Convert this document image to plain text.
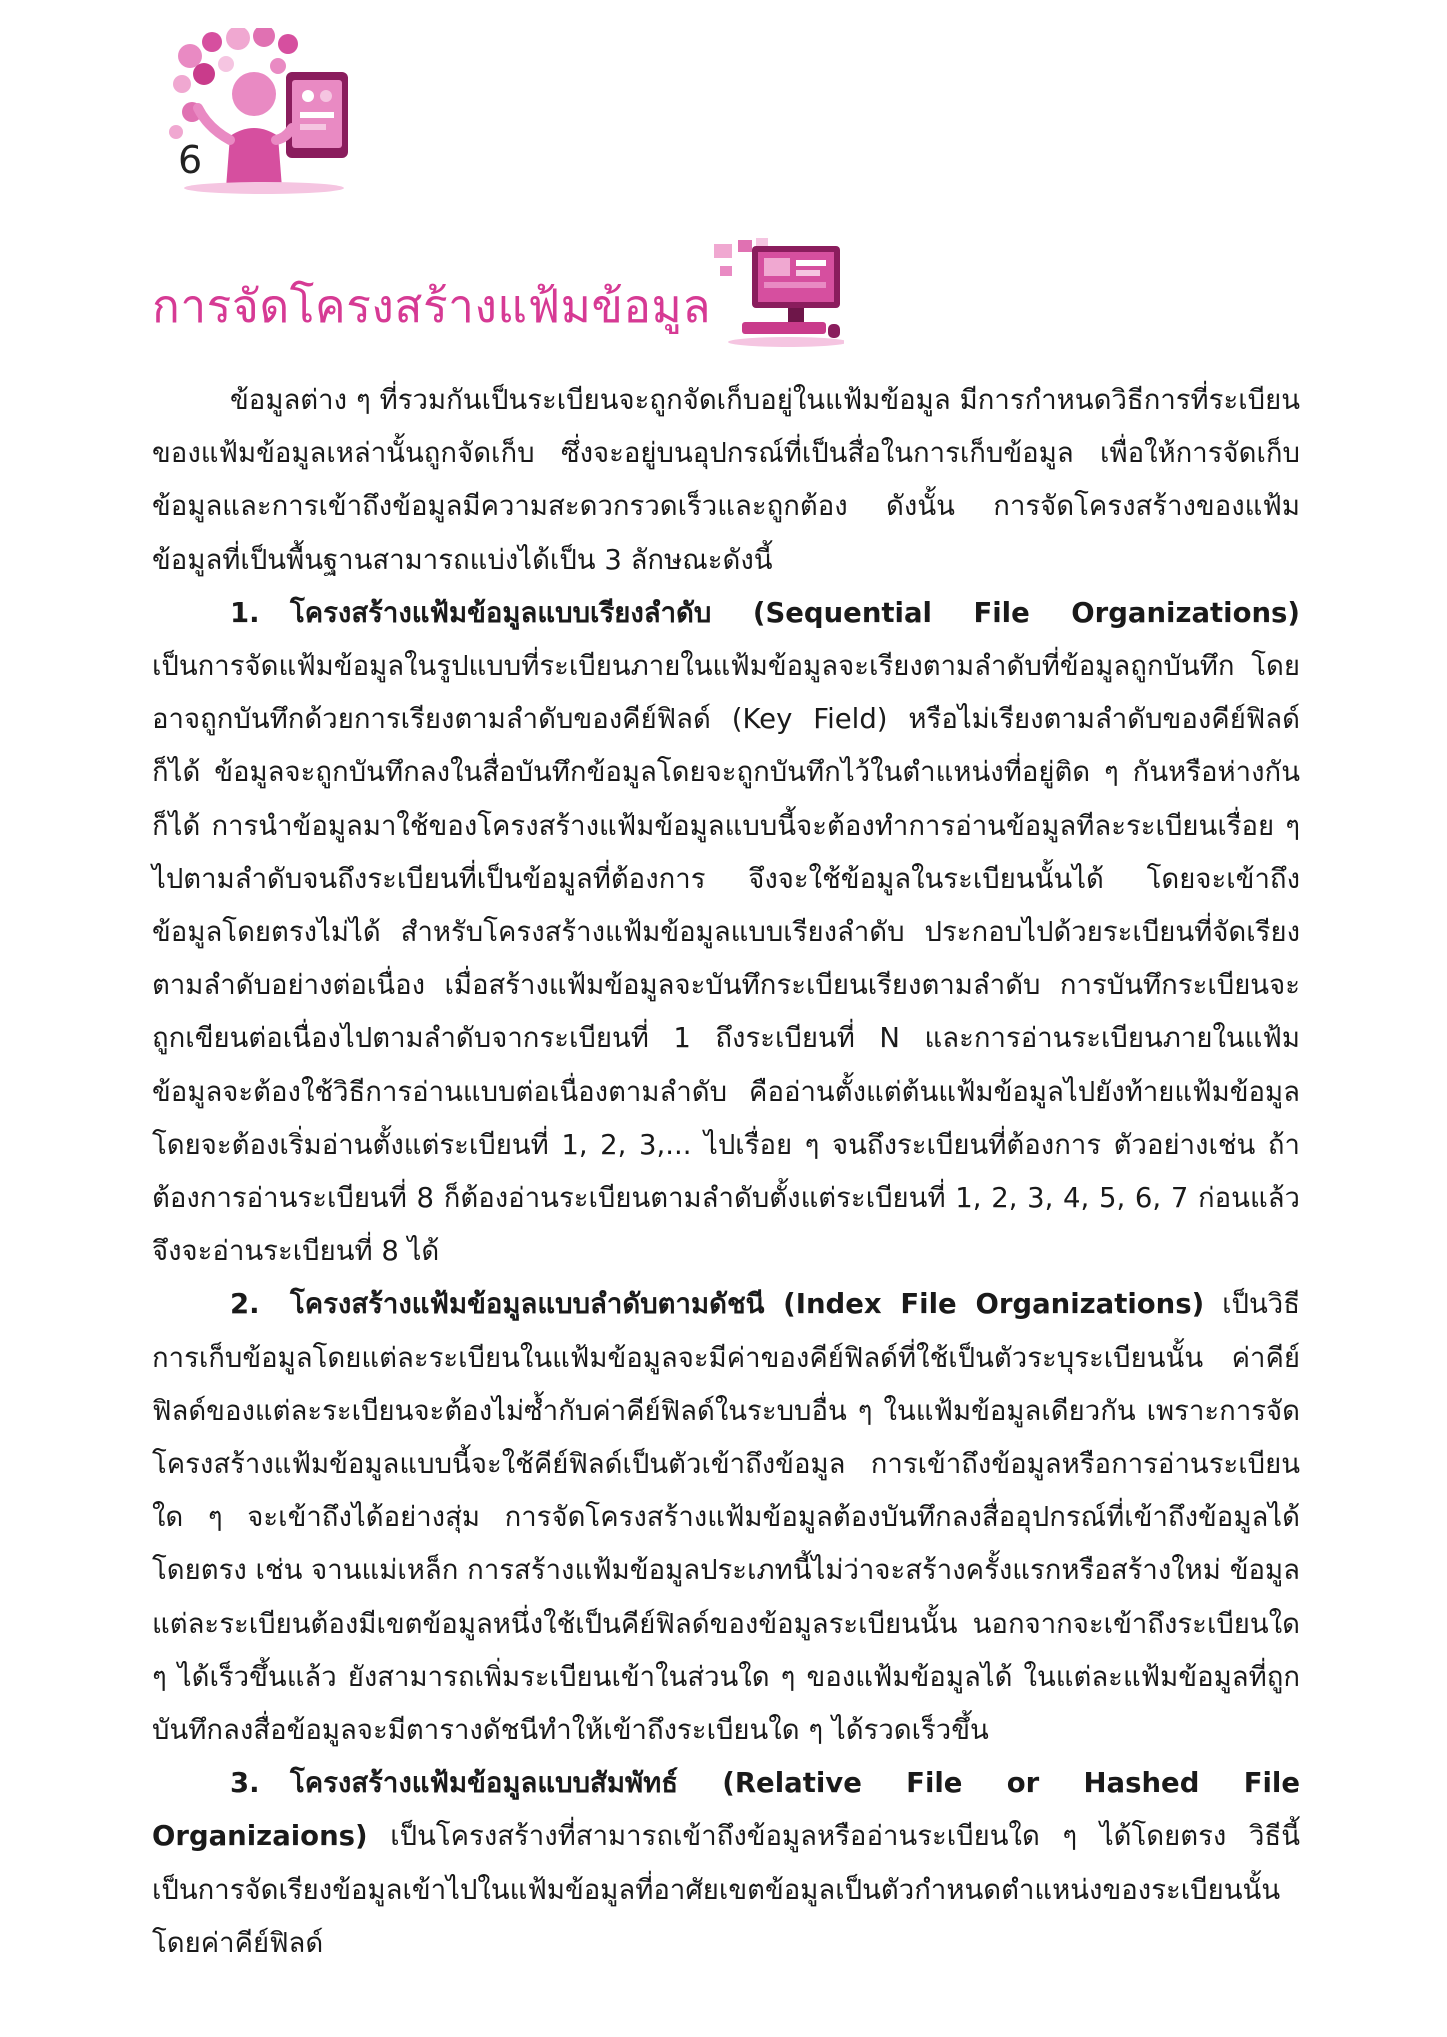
6
การจัดโครงสร้างแฟ้มข้อมูล

ข้อมูลต่าง ๆ ที่รวมกันเป็นระเบียนจะถูกจัดเก็บอยู่ในแฟ้มข้อมูล มีการกำหนดวิธีการที่ระเบียนของแฟ้มข้อมูลเหล่านั้นถูกจัดเก็บ ซึ่งจะอยู่บนอุปกรณ์ที่เป็นสื่อในการเก็บข้อมูล เพื่อให้การจัดเก็บข้อมูลและการเข้าถึงข้อมูลมีความสะดวกรวดเร็วและถูกต้อง ดังนั้น การจัดโครงสร้างของแฟ้มข้อมูลที่เป็นพื้นฐานสามารถแบ่งได้เป็น 3 ลักษณะดังนี้

1. โครงสร้างแฟ้มข้อมูลแบบเรียงลำดับ (Sequential File Organizations) เป็นการจัดแฟ้มข้อมูลในรูปแบบที่ระเบียนภายในแฟ้มข้อมูลจะเรียงตามลำดับที่ข้อมูลถูกบันทึก โดยอาจถูกบันทึกด้วยการเรียงตามลำดับของคีย์ฟิลด์ (Key Field) หรือไม่เรียงตามลำดับของคีย์ฟิลด์ก็ได้ ข้อมูลจะถูกบันทึกลงในสื่อบันทึกข้อมูลโดยจะถูกบันทึกไว้ในตำแหน่งที่อยู่ติด ๆ กันหรือห่างกันก็ได้ การนำข้อมูลมาใช้ของโครงสร้างแฟ้มข้อมูลแบบนี้จะต้องทำการอ่านข้อมูลทีละระเบียนเรื่อย ๆ ไปตามลำดับจนถึงระเบียนที่เป็นข้อมูลที่ต้องการ จึงจะใช้ข้อมูลในระเบียนนั้นได้ โดยจะเข้าถึงข้อมูลโดยตรงไม่ได้ สำหรับโครงสร้างแฟ้มข้อมูลแบบเรียงลำดับ ประกอบไปด้วยระเบียนที่จัดเรียงตามลำดับอย่างต่อเนื่อง เมื่อสร้างแฟ้มข้อมูลจะบันทึกระเบียนเรียงตามลำดับ การบันทึกระเบียนจะถูกเขียนต่อเนื่องไปตามลำดับจากระเบียนที่ 1 ถึงระเบียนที่ N และการอ่านระเบียนภายในแฟ้มข้อมูลจะต้องใช้วิธีการอ่านแบบต่อเนื่องตามลำดับ คืออ่านตั้งแต่ต้นแฟ้มข้อมูลไปยังท้ายแฟ้มข้อมูล โดยจะต้องเริ่มอ่านตั้งแต่ระเบียนที่ 1, 2, 3,... ไปเรื่อย ๆ จนถึงระเบียนที่ต้องการ ตัวอย่างเช่น ถ้าต้องการอ่านระเบียนที่ 8 ก็ต้องอ่านระเบียนตามลำดับตั้งแต่ระเบียนที่ 1, 2, 3, 4, 5, 6, 7 ก่อนแล้วจึงจะอ่านระเบียนที่ 8 ได้

2. โครงสร้างแฟ้มข้อมูลแบบลำดับตามดัชนี (Index File Organizations) เป็นวิธีการเก็บข้อมูลโดยแต่ละระเบียนในแฟ้มข้อมูลจะมีค่าของคีย์ฟิลด์ที่ใช้เป็นตัวระบุระเบียนนั้น ค่าคีย์ฟิลด์ของแต่ละระเบียนจะต้องไม่ซ้ำกับค่าคีย์ฟิลด์ในระบบอื่น ๆ ในแฟ้มข้อมูลเดียวกัน เพราะการจัดโครงสร้างแฟ้มข้อมูลแบบนี้จะใช้คีย์ฟิลด์เป็นตัวเข้าถึงข้อมูล การเข้าถึงข้อมูลหรือการอ่านระเบียนใด ๆ จะเข้าถึงได้อย่างสุ่ม การจัดโครงสร้างแฟ้มข้อมูลต้องบันทึกลงสื่ออุปกรณ์ที่เข้าถึงข้อมูลได้โดยตรง เช่น จานแม่เหล็ก การสร้างแฟ้มข้อมูลประเภทนี้ไม่ว่าจะสร้างครั้งแรกหรือสร้างใหม่ ข้อมูลแต่ละระเบียนต้องมีเขตข้อมูลหนึ่งใช้เป็นคีย์ฟิลด์ของข้อมูลระเบียนนั้น นอกจากจะเข้าถึงระเบียนใด ๆ ได้เร็วขึ้นแล้ว ยังสามารถเพิ่มระเบียนเข้าในส่วนใด ๆ ของแฟ้มข้อมูลได้ ในแต่ละแฟ้มข้อมูลที่ถูกบันทึกลงสื่อข้อมูลจะมีตารางดัชนีทำให้เข้าถึงระเบียนใด ๆ ได้รวดเร็วขึ้น

3. โครงสร้างแฟ้มข้อมูลแบบสัมพัทธ์ (Relative File or Hashed File Organizaions) เป็นโครงสร้างที่สามารถเข้าถึงข้อมูลหรืออ่านระเบียนใด ๆ ได้โดยตรง วิธีนี้เป็นการจัดเรียงข้อมูลเข้าไปในแฟ้มข้อมูลที่อาศัยเขตข้อมูลเป็นตัวกำหนดตำแหน่งของระเบียนนั้น โดยค่าคีย์ฟิลด์
